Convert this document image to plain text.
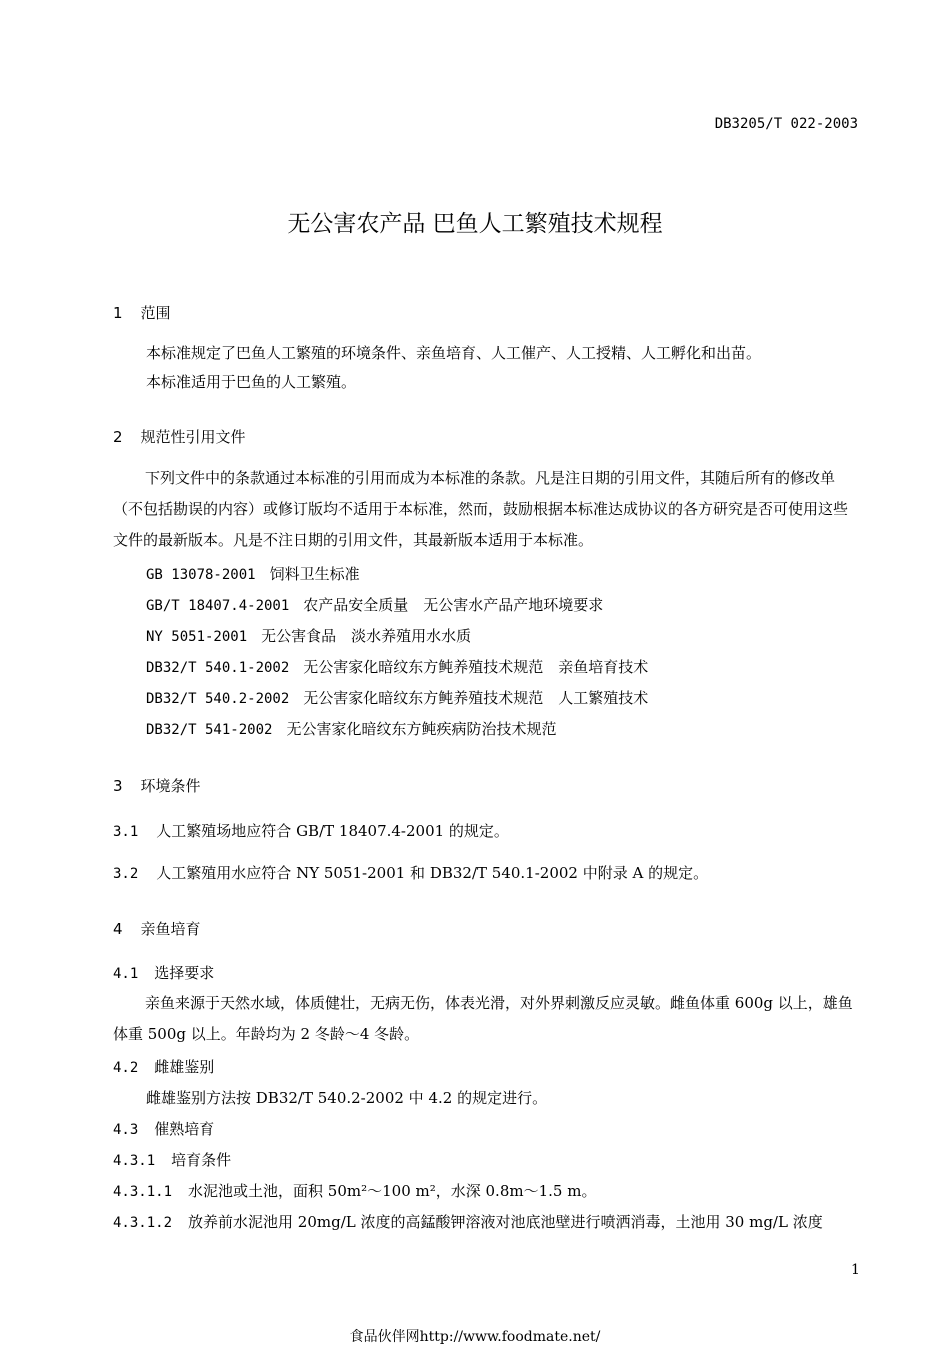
DB3205/T 022-2003
无公害农产品 巴鱼人工繁殖技术规程
1 范围
本标准规定了巴鱼人工繁殖的环境条件、亲鱼培育、人工催产、人工授精、人工孵化和出苗。
本标准适用于巴鱼的人工繁殖。
2 规范性引用文件

下列文件中的条款通过本标准的引用而成为本标准的条款。凡是注日期的引用文件，其随后所有的修改单（不包括勘误的内容）或修订版均不适用于本标准，然而，鼓励根据本标准达成协议的各方研究是否可使用这些文件的最新版本。凡是不注日期的引用文件，其最新版本适用于本标准。

GB 13078-2001 饲料卫生标准
GB/T 18407.4-2001 农产品安全质量　无公害水产品产地环境要求
NY 5051-2001 无公害食品　淡水养殖用水水质
DB32/T 540.1-2002 无公害家化暗纹东方鲀养殖技术规范　亲鱼培育技术
DB32/T 540.2-2002 无公害家化暗纹东方鲀养殖技术规范　人工繁殖技术
DB32/T 541-2002 无公害家化暗纹东方鲀疾病防治技术规范
3 环境条件
3.1 人工繁殖场地应符合 GB/T 18407.4-2001 的规定。
3.2 人工繁殖用水应符合 NY 5051-2001 和 DB32/T 540.1-2002 中附录 A 的规定。
4 亲鱼培育
4.1 选择要求

亲鱼来源于天然水域，体质健壮，无病无伤，体表光滑，对外界刺激反应灵敏。雌鱼体重 600g 以上，雄鱼体重 500g 以上。年龄均为 2 冬龄～4 冬龄。

4.2 雌雄鉴别
雌雄鉴别方法按 DB32/T 540.2-2002 中 4.2 的规定进行。
4.3 催熟培育
4.3.1 培育条件
4.3.1.1 水泥池或土池，面积 50m²～100 m²，水深 0.8m～1.5 m。
4.3.1.2 放养前水泥池用 20mg/L 浓度的高錳酸钾溶液对池底池壁进行喷洒消毒，土池用 30 mg/L 浓度
1
食品伙伴网http://www.foodmate.net/
